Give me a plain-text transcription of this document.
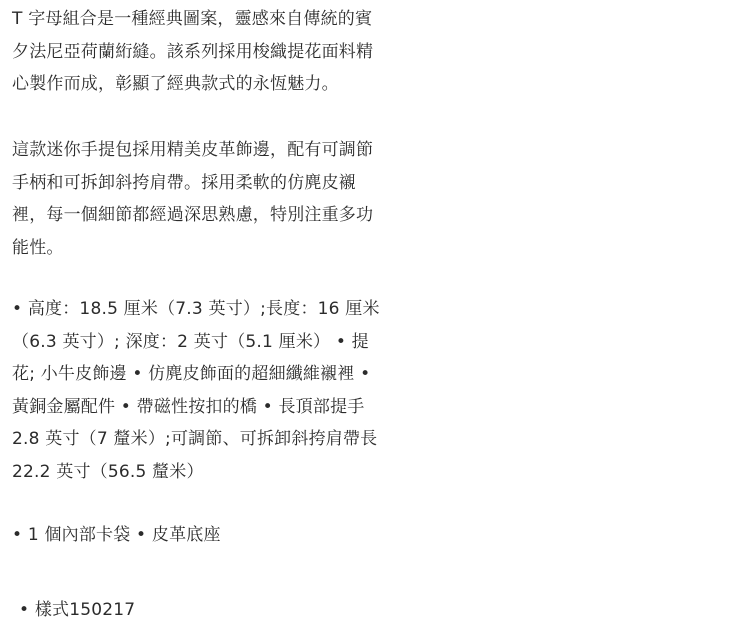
T 字母組合是一種經典圖案，靈感來自傳統的賓夕法尼亞荷蘭絎縫。該系列採用梭織提花面料精心製作而成，彰顯了經典款式的永恆魅力。

這款迷你手提包採用精美皮革飾邊，配有可調節手柄和可拆卸斜挎肩帶。採用柔軟的仿麂皮襯裡，每一個細節都經過深思熟慮，特別注重多功能性。

• 高度：18.5 厘米（7.3 英寸）;長度：16 厘米（6.3 英寸）; 深度：2 英寸（5.1 厘米） • 提花; 小牛皮飾邊 • 仿麂皮飾面的超細纖維襯裡 • 黃銅金屬配件 • 帶磁性按扣的橋 • 長頂部提手 2.8 英寸（7 釐米）;可調節、可拆卸斜挎肩帶長 22.2 英寸（56.5 釐米）

• 1 個內部卡袋 • 皮革底座

• 樣式150217
